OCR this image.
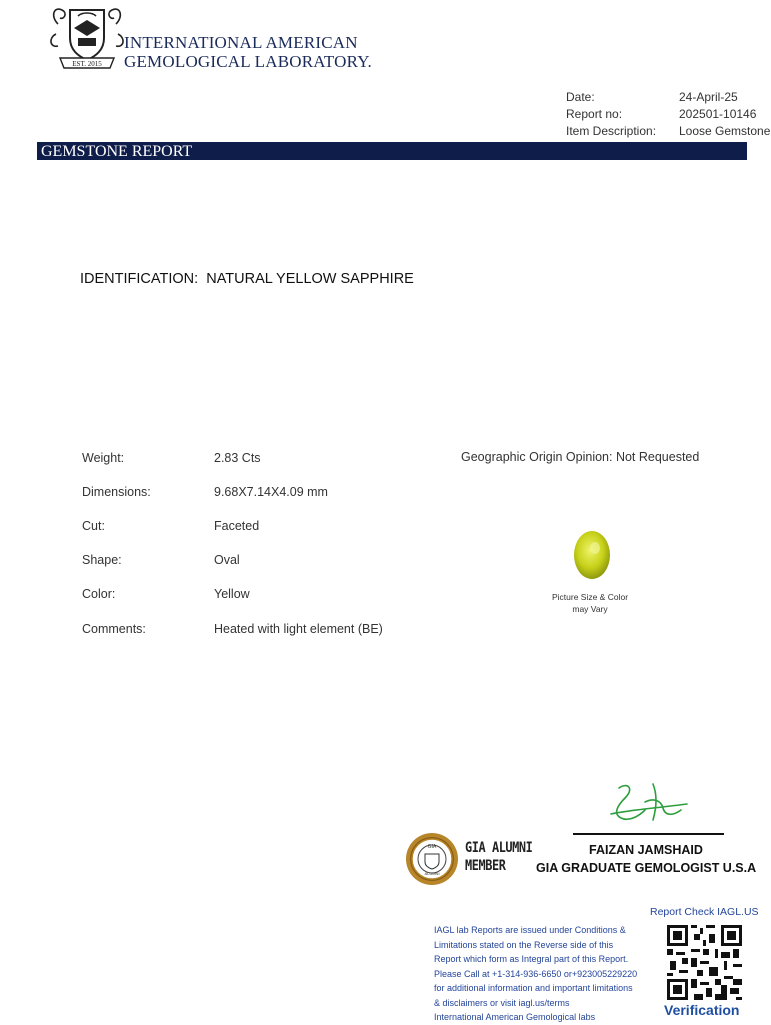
EST. 2015
INTERNATIONAL AMERICAN
GEMOLOGICAL LABORATORY.
Date:	24-April-25
Report no:	202501-10146
Item Description: Loose Gemstone
GEMSTONE REPORT
IDENTIFICATION: NATURAL YELLOW SAPPHIRE
Weight:	2.83 Cts
Dimensions:	9.68X7.14X4.09 mm
Cut:	Faceted
Shape:	Oval
Color:	Yellow
Comments:	Heated with light element (BE)
Geographic Origin Opinion: Not Requested
Picture Size & Color
may Vary
FAIZAN JAMSHAID
GIA GRADUATE GEMOLOGIST U.S.A
GIA
ALUMNI
GIA ALUMNI
MEMBER
IAGL lab Reports are issued under Conditions &
Limitations stated on the Reverse side of this
Report which form as Integral part of this Report.
Please Call at +1-314-936-6650 or+923005229220
for additional information and important limitations
& disclaimers or visit iagl.us/terms
International American Gemological labs
Report Check IAGL.US
Verification
